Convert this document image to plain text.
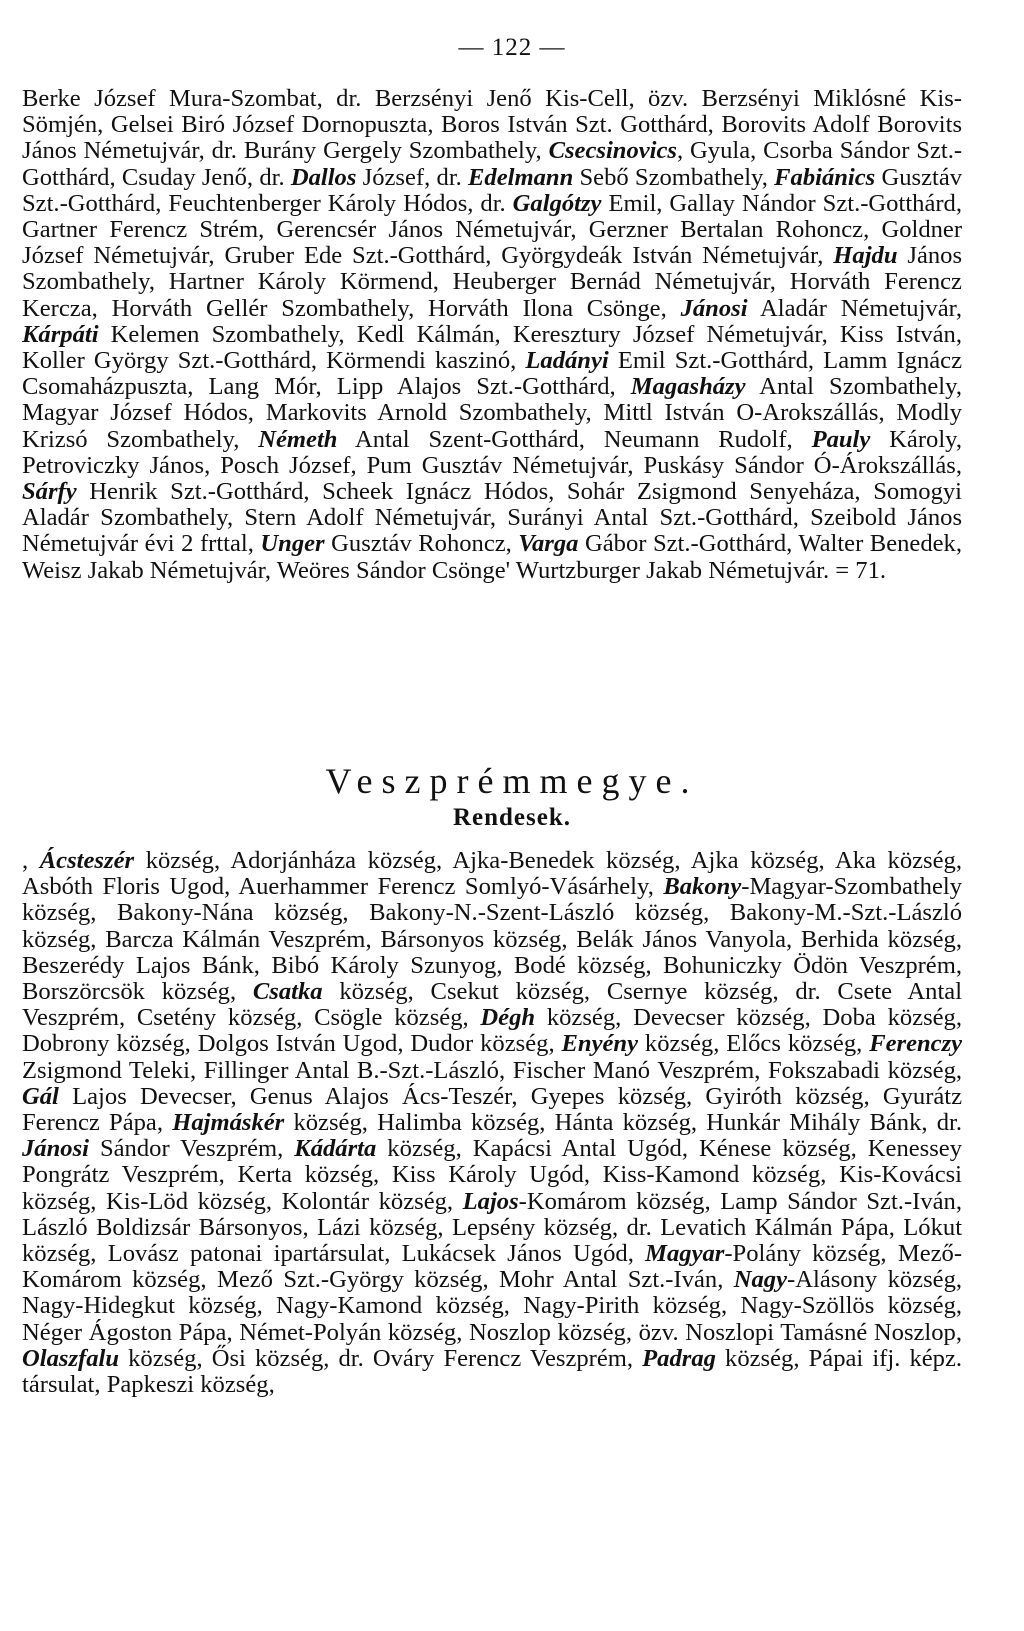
— 122 —
Berke József Mura-Szombat , dr. Berzsényi Jenő Kis-Cell , özv. Berzsényi Miklósné Kis-Sömjén , Gelsei Biró József Dornopuszta , Boros István Szt. Gotthárd , Borovits Adolf Borovits János Németujvár , dr. Burány Gergely Szombathely , Csecsinovics , Gyula , Csorba Sándor Szt.-Gotthárd , Csuday Jenő , dr. Dallos József , dr. Edelmann Sebő Szombathely , Fabiánics Gusztáv Szt.-Gotthárd , Feuchtenberger Károly Hódos , dr. Galgótzy Emil , Gallay Nándor Szt.-Gotthárd, Gartner Ferencz Strém , Gerencsér János Németujvár , Gerzner Bertalan Rohoncz , Goldner József Németujvár , Gruber Ede Szt.-Gotthárd , Györgydeák István Németujvár , Hajdu János Szombathely , Hartner Károly Körmend , Heuberger Bernád Németujvár , Horváth Ferencz Kercza , Horváth Gellér Szombathely , Horváth Ilona Csönge , Jánosi Aladár Németujvár, Kárpáti Kelemen Szombathely , Kedl Kálmán , Keresztury József Németujvár , Kiss István, Koller György Szt.-Gotthárd , Körmendi kaszinó , Ladányi Emil Szt.-Gotthárd , Lamm Ignácz Csomaházpuszta , Lang Mór , Lipp Alajos Szt.-Gotthárd , Magasházy Antal Szombathely, Magyar József Hódos , Markovits Arnold Szombathely , Mittl István O-Arokszállás , Modly Krizsó Szombathely , Németh Antal Szent-Gotthárd , Neumann Rudolf , Pauly Károly, Petroviczky János , Posch József , Pum Gusztáv Németujvár , Puskásy Sándor Ó-Árokszállás, Sárfy Henrik Szt.-Gotthárd , Scheek Ignácz Hódos , Sohár Zsigmond Senyeháza , Somogyi Aladár Szombathely , Stern Adolf Németujvár , Surányi Antal Szt.-Gotthárd , Szeibold János Németujvár évi 2 frttal , Unger Gusztáv Rohoncz , Varga Gábor Szt.-Gotthárd , Walter Benedek, Weisz Jakab Németujvár , Weöres Sándor Csönge' Wurtzburger Jakab Németujvár. = 71.
Veszprémmegye.
Rendesek.
, Ácsteszér község , Adorjánháza község , Ajka-Benedek község , Ajka község , Aka község, Asbóth Floris Ugod , Auerhammer Ferencz Somlyó-Vásárhely , Bakony-Magyar-Szombathely község , Bakony-Nána község , Bakony-N.-Szent-László község , Bakony-M.-Szt.-László község , Barcza Kálmán Veszprém , Bársonyos község , Belák János Vanyola , Berhida község, Beszerédy Lajos Bánk , Bibó Károly Szunyog , Bodé község , Bohuniczky Ödön Veszprém, Borszörcsök község , Csatka község , Csekut község , Csernye község , dr. Csete Antal Veszprém , Csetény község , Csögle község , Dégh község , Devecser község , Doba község, Dobrony község , Dolgos István Ugod , Dudor község , Enyény község , Előcs község , Ferenczy Zsigmond Teleki , Fillinger Antal B.-Szt.-László , Fischer Manó Veszprém , Fokszabadi község, Gál Lajos Devecser , Genus Alajos Ács-Teszér , Gyepes község , Gyiróth község , Gyurátz Ferencz Pápa , Hajmáskér község , Halimba község , Hánta község , Hunkár Mihály Bánk , dr. Jánosi Sándor Veszprém , Kádárta község , Kapácsi Antal Ugód , Kénese község , Kenessey Pongrátz Veszprém , Kerta község , Kiss Károly Ugód , Kiss-Kamond község , Kis-Kovácsi község , Kis-Löd község , Kolontár község , Lajos-Komárom község , Lamp Sándor Szt.-Iván, László Boldizsár Bársonyos , Lázi község , Lepsény község , dr. Levatich Kálmán Pápa , Lókut község , Lovász patonai ipartársulat , Lukácsek János Ugód , Magyar-Polány község , Mező-Komárom község , Mező Szt.-György község , Mohr Antal Szt.-Iván , Nagy-Alásony község, Nagy-Hidegkut község , Nagy-Kamond község , Nagy-Pirith község , Nagy-Szöllös község, Néger Ágoston Pápa , Német-Polyán község , Noszlop község , özv. Noszlopi Tamásné Noszlop, Olaszfalu község , Ősi község , dr. Ováry Ferencz Veszprém , Padrag község , Pápai ifj. képz. társulat , Papkeszi község,
